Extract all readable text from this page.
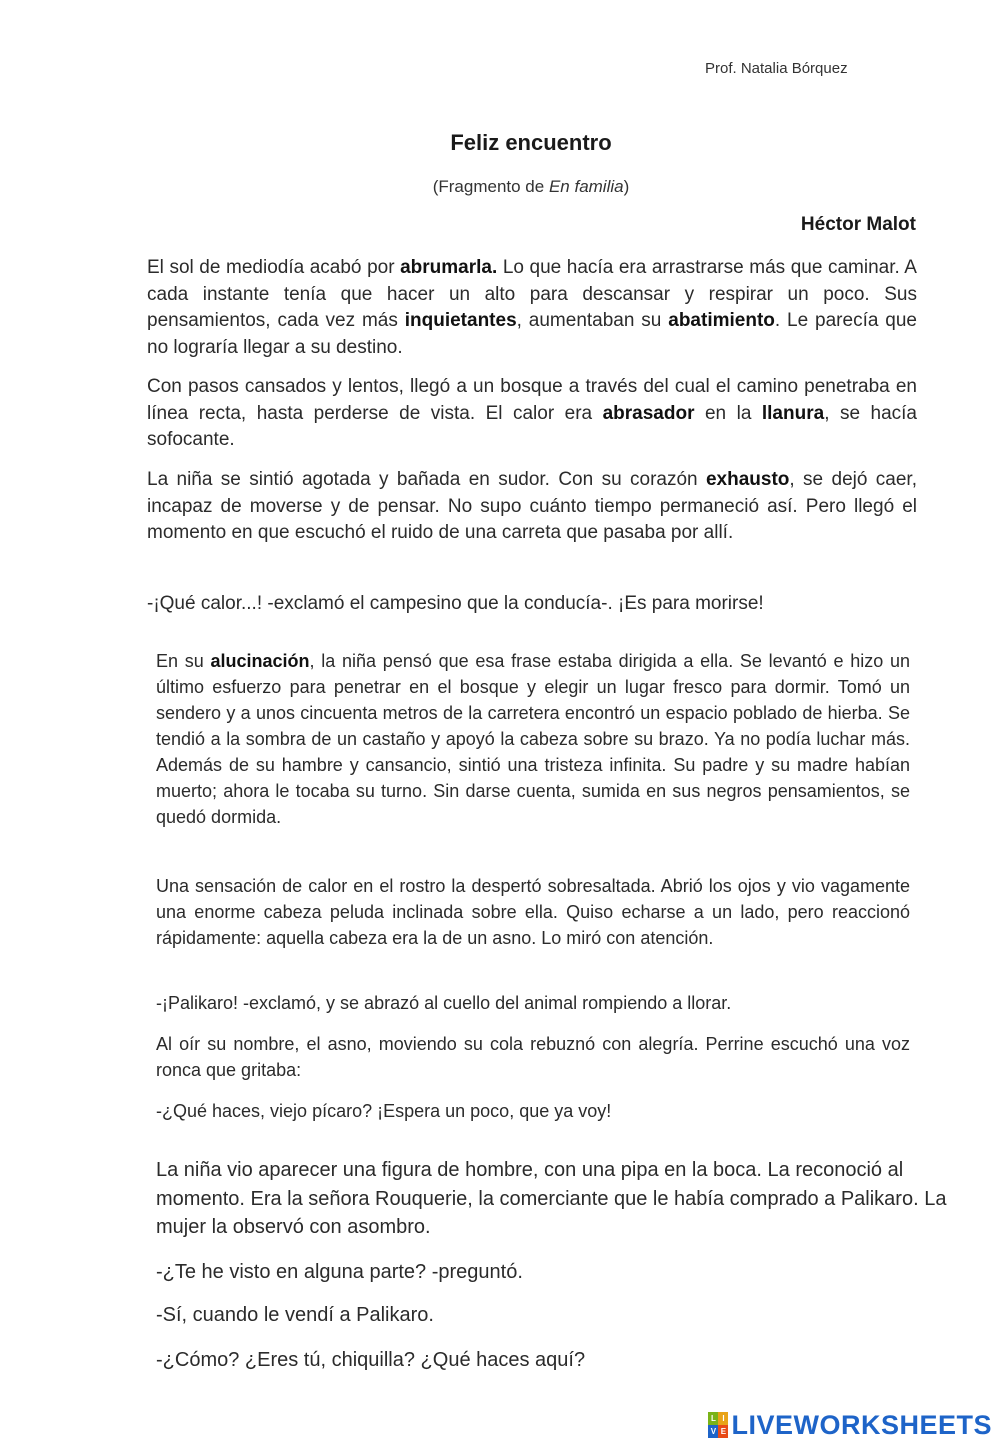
Prof. Natalia Bórquez
Feliz encuentro
(Fragmento de En familia)
Héctor Malot
El sol de mediodía acabó por abrumarla. Lo que hacía era arrastrarse más que caminar. A cada instante tenía que hacer un alto para descansar y respirar un poco. Sus pensamientos, cada vez más inquietantes, aumentaban su abatimiento. Le parecía que no lograría llegar a su destino.
Con pasos cansados y lentos, llegó a un bosque a través del cual el camino penetraba en línea recta, hasta perderse de vista. El calor era abrasador en la llanura, se hacía sofocante.
La niña se sintió agotada y bañada en sudor. Con su corazón exhausto, se dejó caer, incapaz de moverse y de pensar. No supo cuánto tiempo permaneció así. Pero llegó el momento en que escuchó el ruido de una carreta que pasaba por allí.
-¡Qué calor...! -exclamó el campesino que la conducía-. ¡Es para morirse!
En su alucinación, la niña pensó que esa frase estaba dirigida a ella. Se levantó e hizo un último esfuerzo para penetrar en el bosque y elegir un lugar fresco para dormir. Tomó un sendero y a unos cincuenta metros de la carretera encontró un espacio poblado de hierba. Se tendió a la sombra de un castaño y apoyó la cabeza sobre su brazo. Ya no podía luchar más. Además de su hambre y cansancio, sintió una tristeza infinita. Su padre y su madre habían muerto; ahora le tocaba su turno. Sin darse cuenta, sumida en sus negros pensamientos, se quedó dormida.
Una sensación de calor en el rostro la despertó sobresaltada. Abrió los ojos y vio vagamente una enorme cabeza peluda inclinada sobre ella. Quiso echarse a un lado, pero reaccionó rápidamente: aquella cabeza era la de un asno. Lo miró con atención.
-¡Palikaro! -exclamó, y se abrazó al cuello del animal rompiendo a llorar.
Al oír su nombre, el asno, moviendo su cola rebuznó con alegría. Perrine escuchó una voz ronca que gritaba:
-¿Qué haces, viejo pícaro? ¡Espera un poco, que ya voy!
La niña vio aparecer una figura de hombre, con una pipa en la boca. La reconoció al momento. Era la señora Rouquerie, la comerciante que le había comprado a Palikaro. La mujer la observó con asombro.
-¿Te he visto en alguna parte? -preguntó.
-Sí, cuando le vendí a Palikaro.
-¿Cómo? ¿Eres tú, chiquilla? ¿Qué haces aquí?
L I
V E LIVEWORKSHEETS
